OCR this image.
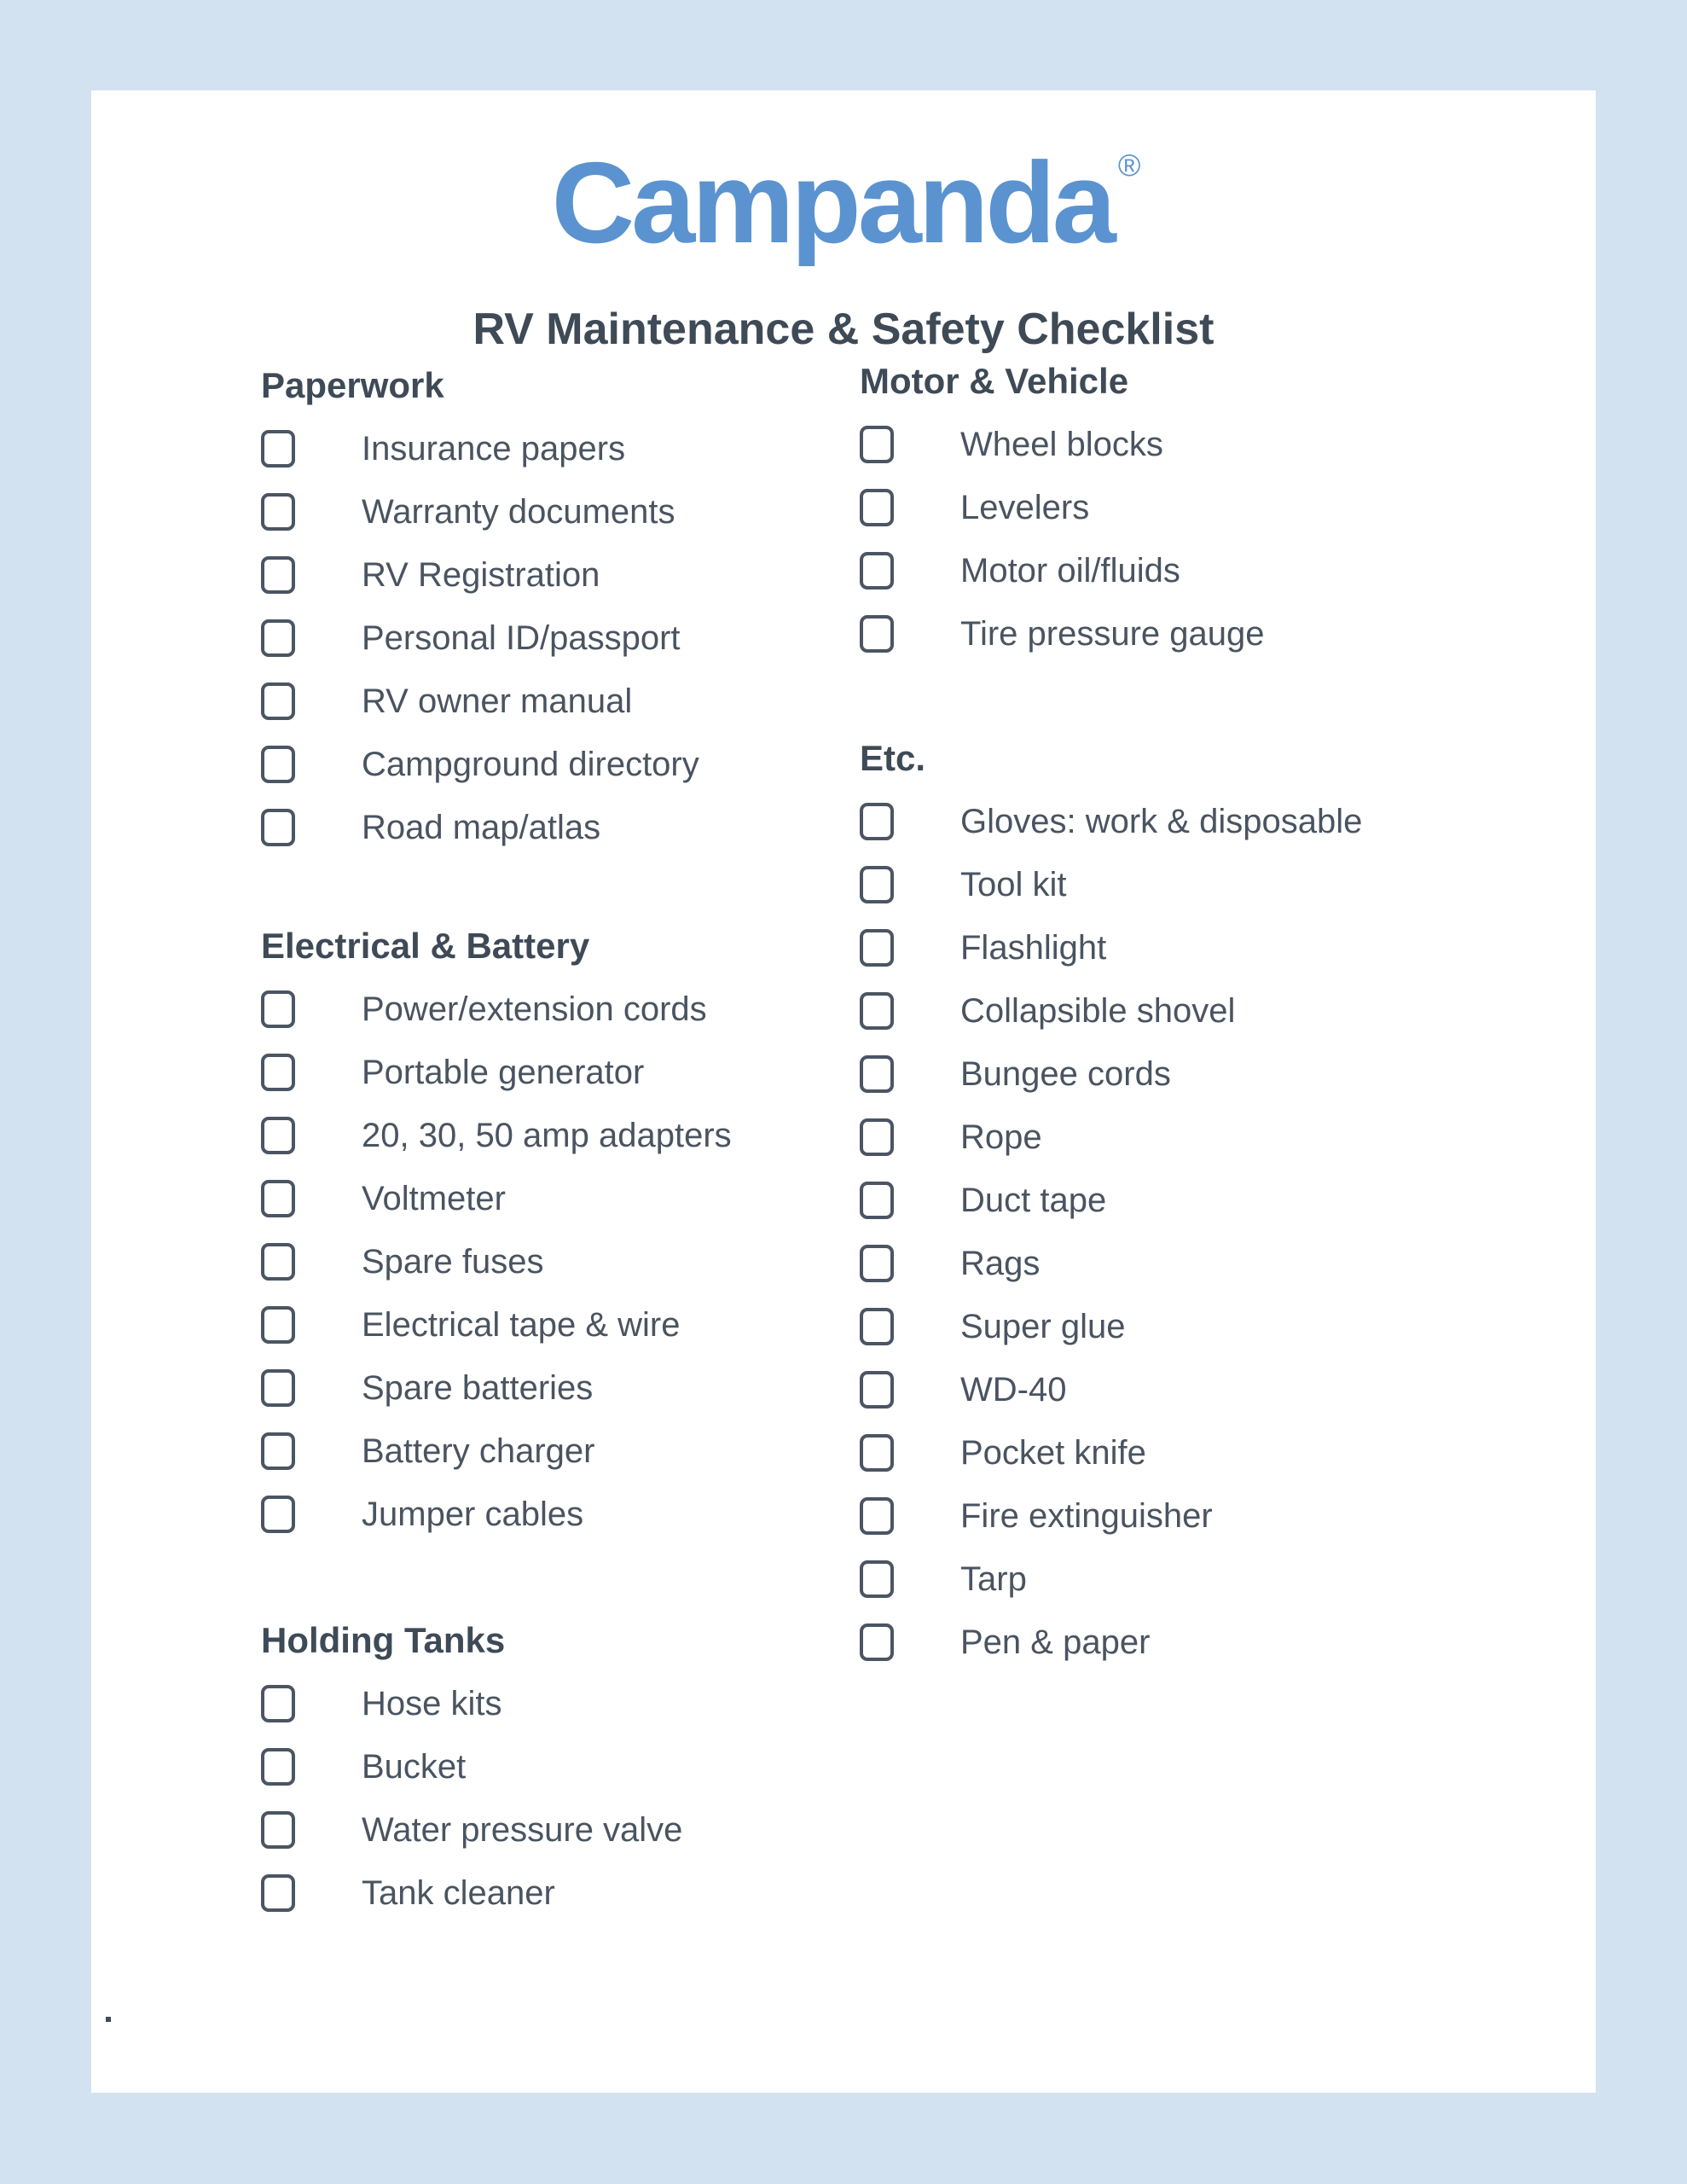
Campanda ®
RV Maintenance & Safety Checklist
Paperwork
Insurance papers
Warranty documents
RV Registration
Personal ID/passport
RV owner manual
Campground directory
Road map/atlas
Electrical & Battery
Power/extension cords
Portable generator
20, 30, 50 amp adapters
Voltmeter
Spare fuses
Electrical tape & wire
Spare batteries
Battery charger
Jumper cables
Holding Tanks
Hose kits
Bucket
Water pressure valve
Tank cleaner
Motor & Vehicle
Wheel blocks
Levelers
Motor oil/fluids
Tire pressure gauge
Etc.
Gloves: work & disposable
Tool kit
Flashlight
Collapsible shovel
Bungee cords
Rope
Duct tape
Rags
Super glue
WD-40
Pocket knife
Fire extinguisher
Tarp
Pen & paper
